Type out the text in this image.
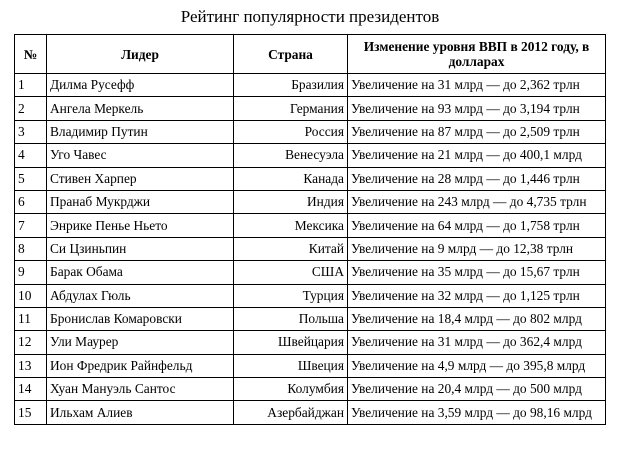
Рейтинг популярности президентов
№	Лидер	Страна	Изменение уровня ВВП в 2012 году, в долларах
1	Дилма Русефф	Бразилия	Увеличение на 31 млрд — до 2,362 трлн
2	Ангела Меркель	Германия	Увеличение на 93 млрд — до 3,194 трлн
3	Владимир Путин	Россия	Увеличение на 87 млрд — до 2,509 трлн
4	Уго Чавес	Венесуэла	Увеличение на 21 млрд — до 400,1 млрд
5	Стивен Харпер	Канада	Увеличение на 28 млрд — до 1,446 трлн
6	Пранаб Мукрджи	Индия	Увеличение на 243 млрд — до 4,735 трлн
7	Энрике Пенье Ньето	Мексика	Увеличение на 64 млрд — до 1,758 трлн
8	Си Цзиньпин	Китай	Увеличение на 9 млрд — до 12,38 трлн
9	Барак Обама	США	Увеличение на 35 млрд — до 15,67 трлн
10	Абдулах Гюль	Турция	Увеличение на 32 млрд — до 1,125 трлн
11	Бронислав Комаровски	Польша	Увеличение на 18,4 млрд — до 802 млрд
12	Ули Маурер	Швейцария	Увеличение на 31 млрд — до 362,4 млрд
13	Ион Фредрик Райнфельд	Швеция	Увеличение на 4,9 млрд — до 395,8 млрд
14	Хуан Мануэль Сантос	Колумбия	Увеличение на 20,4 млрд — до 500 млрд
15	Ильхам Алиев	Азербайджан	Увеличение на 3,59 млрд — до 98,16 млрд
